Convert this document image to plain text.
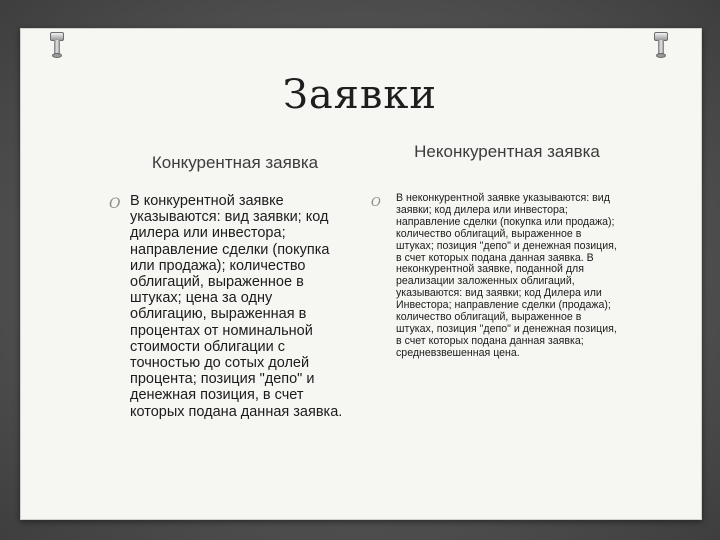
Заявки
Конкурентная заявка
Неконкурентная заявка
O В конкурентной заявке указываются: вид заявки; код дилера или инвестора; направление сделки (покупка или продажа); количество облигаций, выраженное в штуках; цена за одну облигацию, выраженная в процентах от номинальной стоимости облигации с точностью до сотых долей процента; позиция "депо" и денежная позиция, в счет которых подана данная заявка.
O В неконкурентной заявке указываются: вид заявки; код дилера или инвестора; направление сделки (покупка или продажа); количество облигаций, выраженное в штуках; позиция "депо" и денежная позиция, в счет которых подана данная заявка. В неконкурентной заявке, поданной для реализации заложенных облигаций, указываются: вид заявки; код Дилера или Инвестора; направление сделки (продажа); количество облигаций, выраженное в штуках, позиция "депо" и денежная позиция, в счет которых подана данная заявка; средневзвешенная цена.
